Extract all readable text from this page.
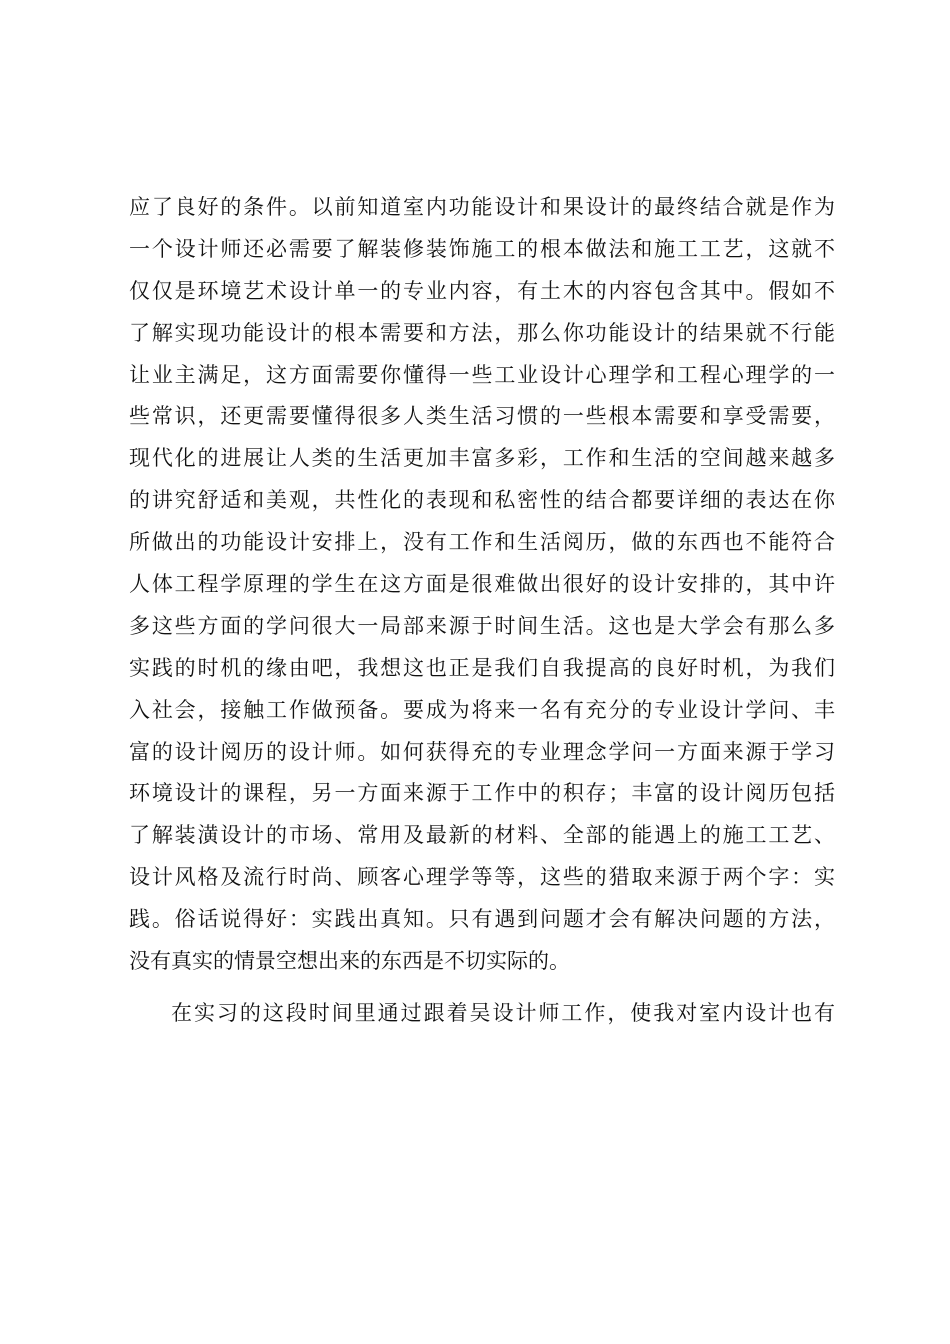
应了良好的条件。以前知道室内功能设计和果设计的最终结合就是作为
一个设计师还必需要了解装修装饰施工的根本做法和施工工艺，这就不
仅仅是环境艺术设计单一的专业内容，有土木的内容包含其中。假如不
了解实现功能设计的根本需要和方法，那么你功能设计的结果就不行能
让业主满足，这方面需要你懂得一些工业设计心理学和工程心理学的一
些常识，还更需要懂得很多人类生活习惯的一些根本需要和享受需要，
现代化的进展让人类的生活更加丰富多彩，工作和生活的空间越来越多
的讲究舒适和美观，共性化的表现和私密性的结合都要详细的表达在你
所做出的功能设计安排上，没有工作和生活阅历，做的东西也不能符合
人体工程学原理的学生在这方面是很难做出很好的设计安排的，其中许
多这些方面的学问很大一局部来源于时间生活。这也是大学会有那么多
实践的时机的缘由吧，我想这也正是我们自我提高的良好时机，为我们
入社会，接触工作做预备。要成为将来一名有充分的专业设计学问、丰
富的设计阅历的设计师。如何获得充的专业理念学问一方面来源于学习
环境设计的课程，另一方面来源于工作中的积存；丰富的设计阅历包括
了解装潢设计的市场、常用及最新的材料、全部的能遇上的施工工艺、
设计风格及流行时尚、顾客心理学等等，这些的猎取来源于两个字：实
践。俗话说得好：实践出真知。只有遇到问题才会有解决问题的方法，
没有真实的情景空想出来的东西是不切实际的。
在实习的这段时间里通过跟着吴设计师工作，使我对室内设计也有
